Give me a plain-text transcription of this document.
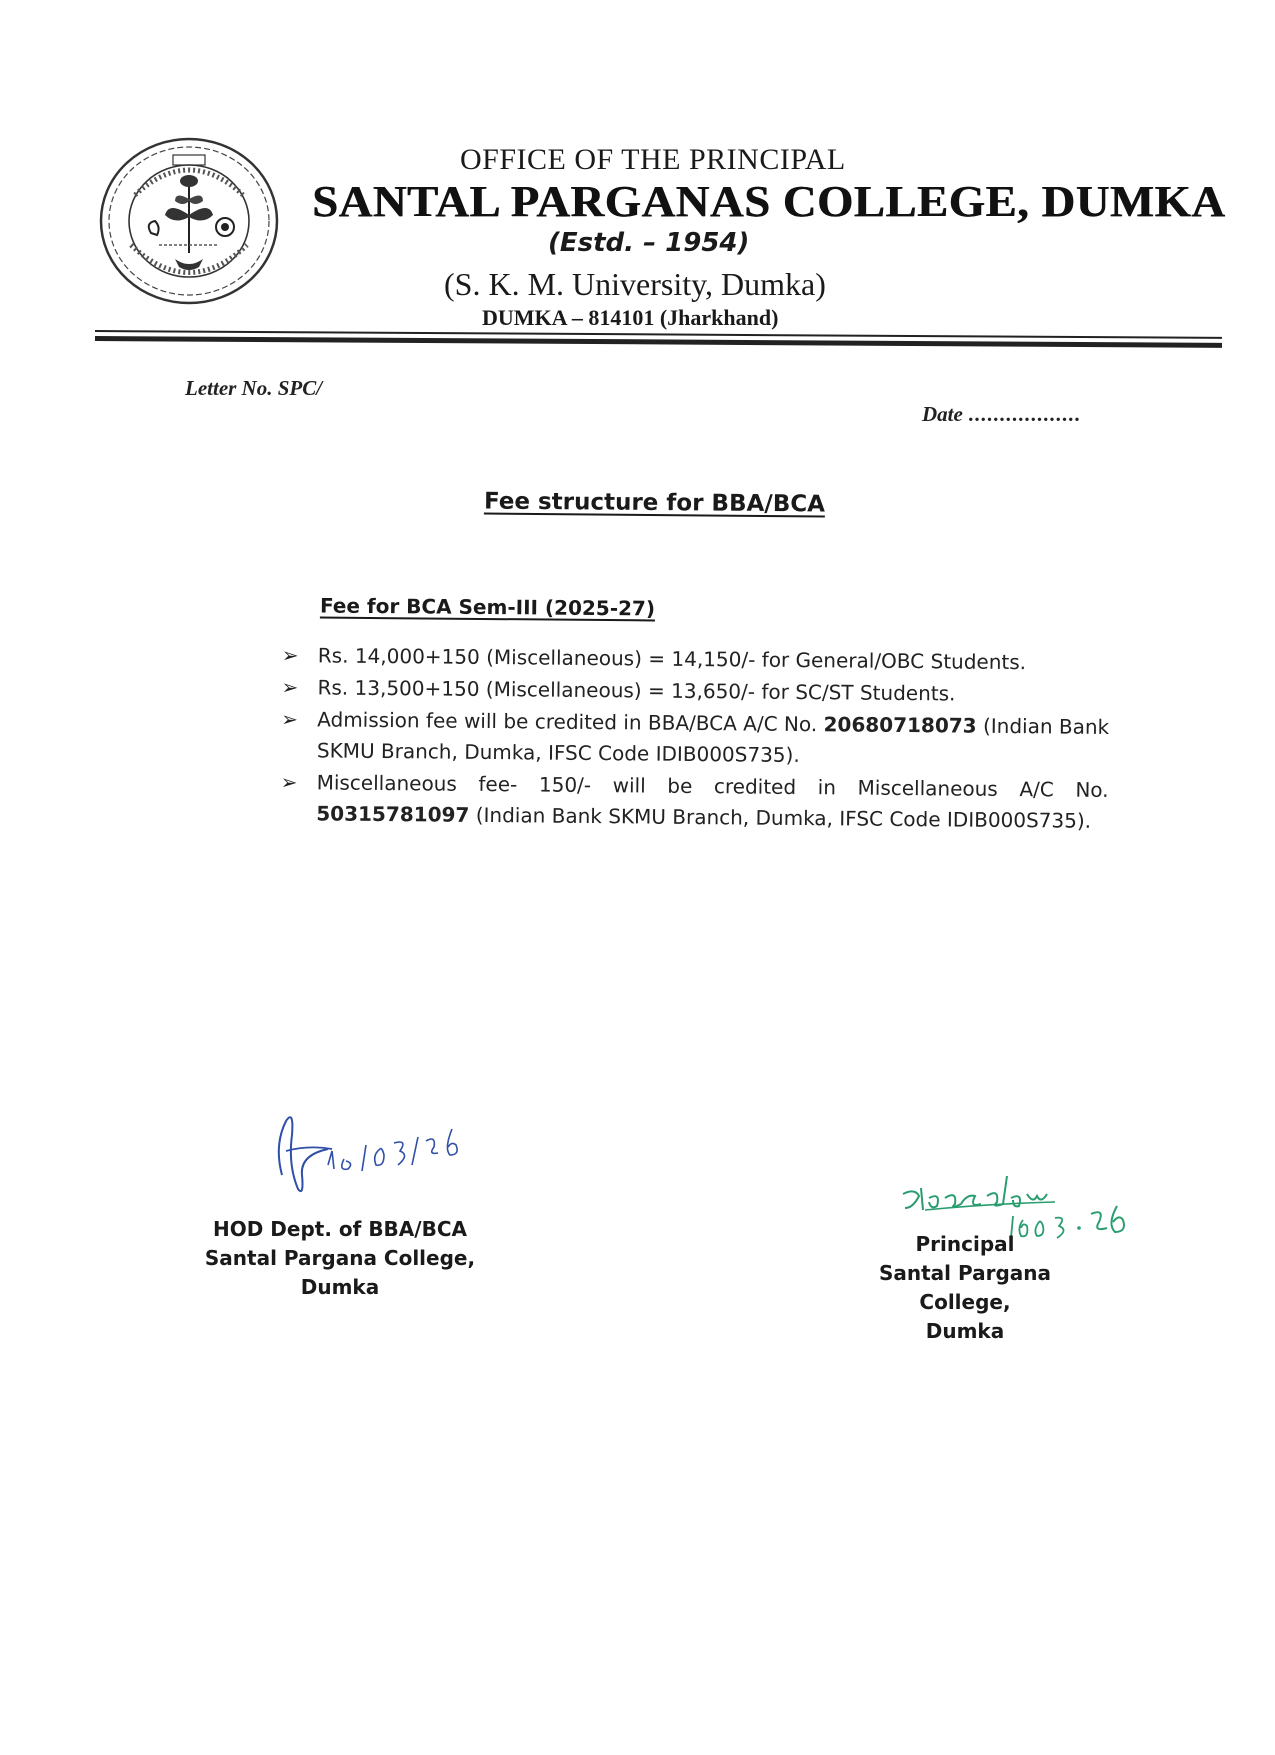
OFFICE OF THE PRINCIPAL
SANTAL PARGANAS COLLEGE, DUMKA
(Estd. – 1954)
(S. K. M. University, Dumka)
DUMKA – 814101 (Jharkhand)
Letter No. SPC/
Date ..................
Fee structure for BBA/BCA
Fee for BCA Sem-III (2025-27)
➢ Rs. 14,000+150 (Miscellaneous) = 14,150/- for General/OBC Students.
➢ Rs. 13,500+150 (Miscellaneous) = 13,650/- for SC/ST Students.
➢ Admission fee will be credited in BBA/BCA A/C No. 20680718073 (Indian Bank SKMU Branch, Dumka, IFSC Code IDIB000S735).
➢ Miscellaneous fee- 150/- will be credited in Miscellaneous A/C No. 50315781097 (Indian Bank SKMU Branch, Dumka, IFSC Code IDIB000S735).
HOD Dept. of BBA/BCA
Santal Pargana College,
Dumka
Principal
Santal Pargana College,
Dumka
